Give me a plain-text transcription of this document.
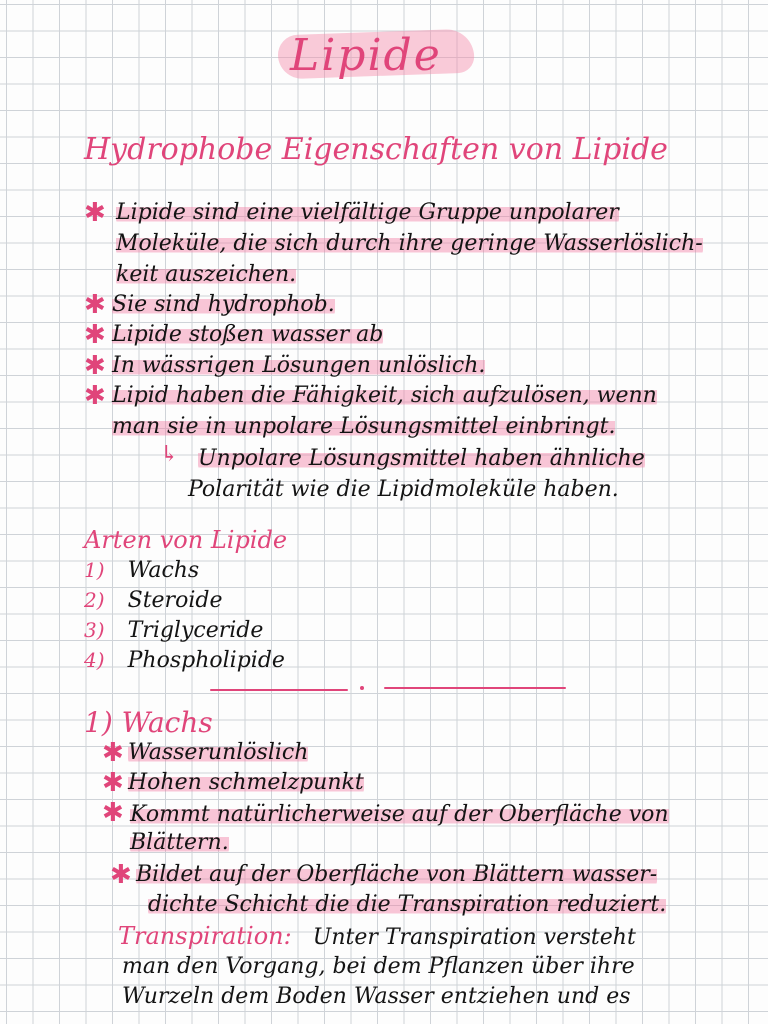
Lipide
Hydrophobe Eigenschaften von Lipide
✱ Lipide sind eine vielfältige Gruppe unpolarer
Moleküle, die sich durch ihre geringe Wasserlöslich-
keit auszeichen.
✱ Sie sind hydrophob.
✱ Lipide stoßen wasser ab
✱ In wässrigen Lösungen unlöslich.
✱ Lipid haben die Fähigkeit, sich aufzulösen, wenn
man sie in unpolare Lösungsmittel einbringt.
↳ Unpolare Lösungsmittel haben ähnliche
Polarität wie die Lipidmoleküle haben.
Arten von Lipide
1) Wachs
2) Steroide
3) Triglyceride
4) Phospholipide
1) Wachs
✱ Wasserunlöslich
✱ Hohen schmelzpunkt
✱ Kommt natürlicherweise auf der Oberfläche von
Blättern.
✱ Bildet auf der Oberfläche von Blättern wasser-
dichte Schicht die die Transpiration reduziert.
Transpiration: Unter Transpiration versteht
man den Vorgang, bei dem Pflanzen über ihre
Wurzeln dem Boden Wasser entziehen und es
